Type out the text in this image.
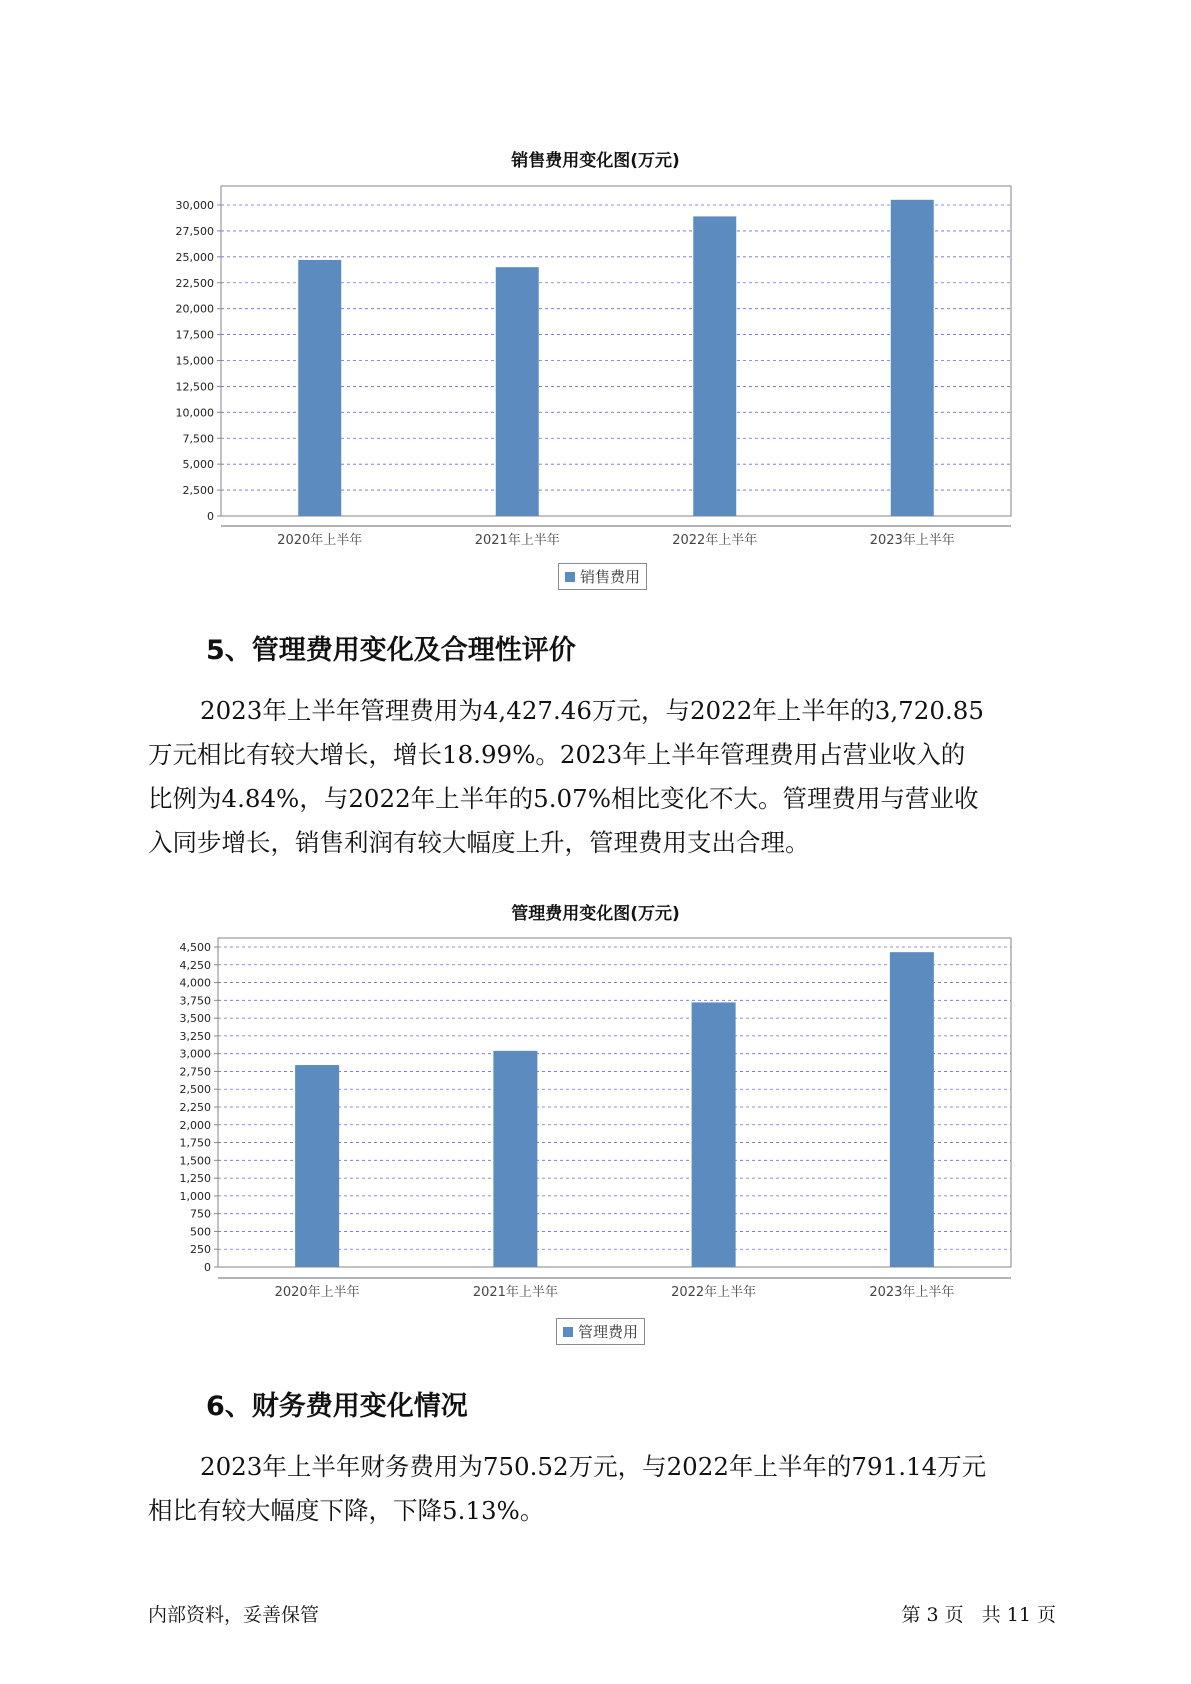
销售费用变化图(万元)
0
2,500
5,000
7,500
10,000
12,500
15,000
17,500
20,000
22,500
25,000
27,500
30,000
2020年上半年	2021年上半年	2022年上半年	2023年上半年
销售费用
5、管理费用变化及合理性评价
2023年上半年管理费用为4,427.46万元，与2022年上半年的3,720.85
万元相比有较大增长，增长18.99%。2023年上半年管理费用占营业收入的
比例为4.84%，与2022年上半年的5.07%相比变化不大。管理费用与营业收
入同步增长，销售利润有较大幅度上升，管理费用支出合理。
管理费用变化图(万元)
0
250
500
750
1,000
1,250
1,500
1,750
2,000
2,250
2,500
2,750
3,000
3,250
3,500
3,750
4,000
4,250
4,500
2020年上半年	2021年上半年	2022年上半年	2023年上半年
管理费用
6、财务费用变化情况
2023年上半年财务费用为750.52万元，与2022年上半年的791.14万元
相比有较大幅度下降，下降5.13%。
内部资料，妥善保管	第 3 页   共 11 页
